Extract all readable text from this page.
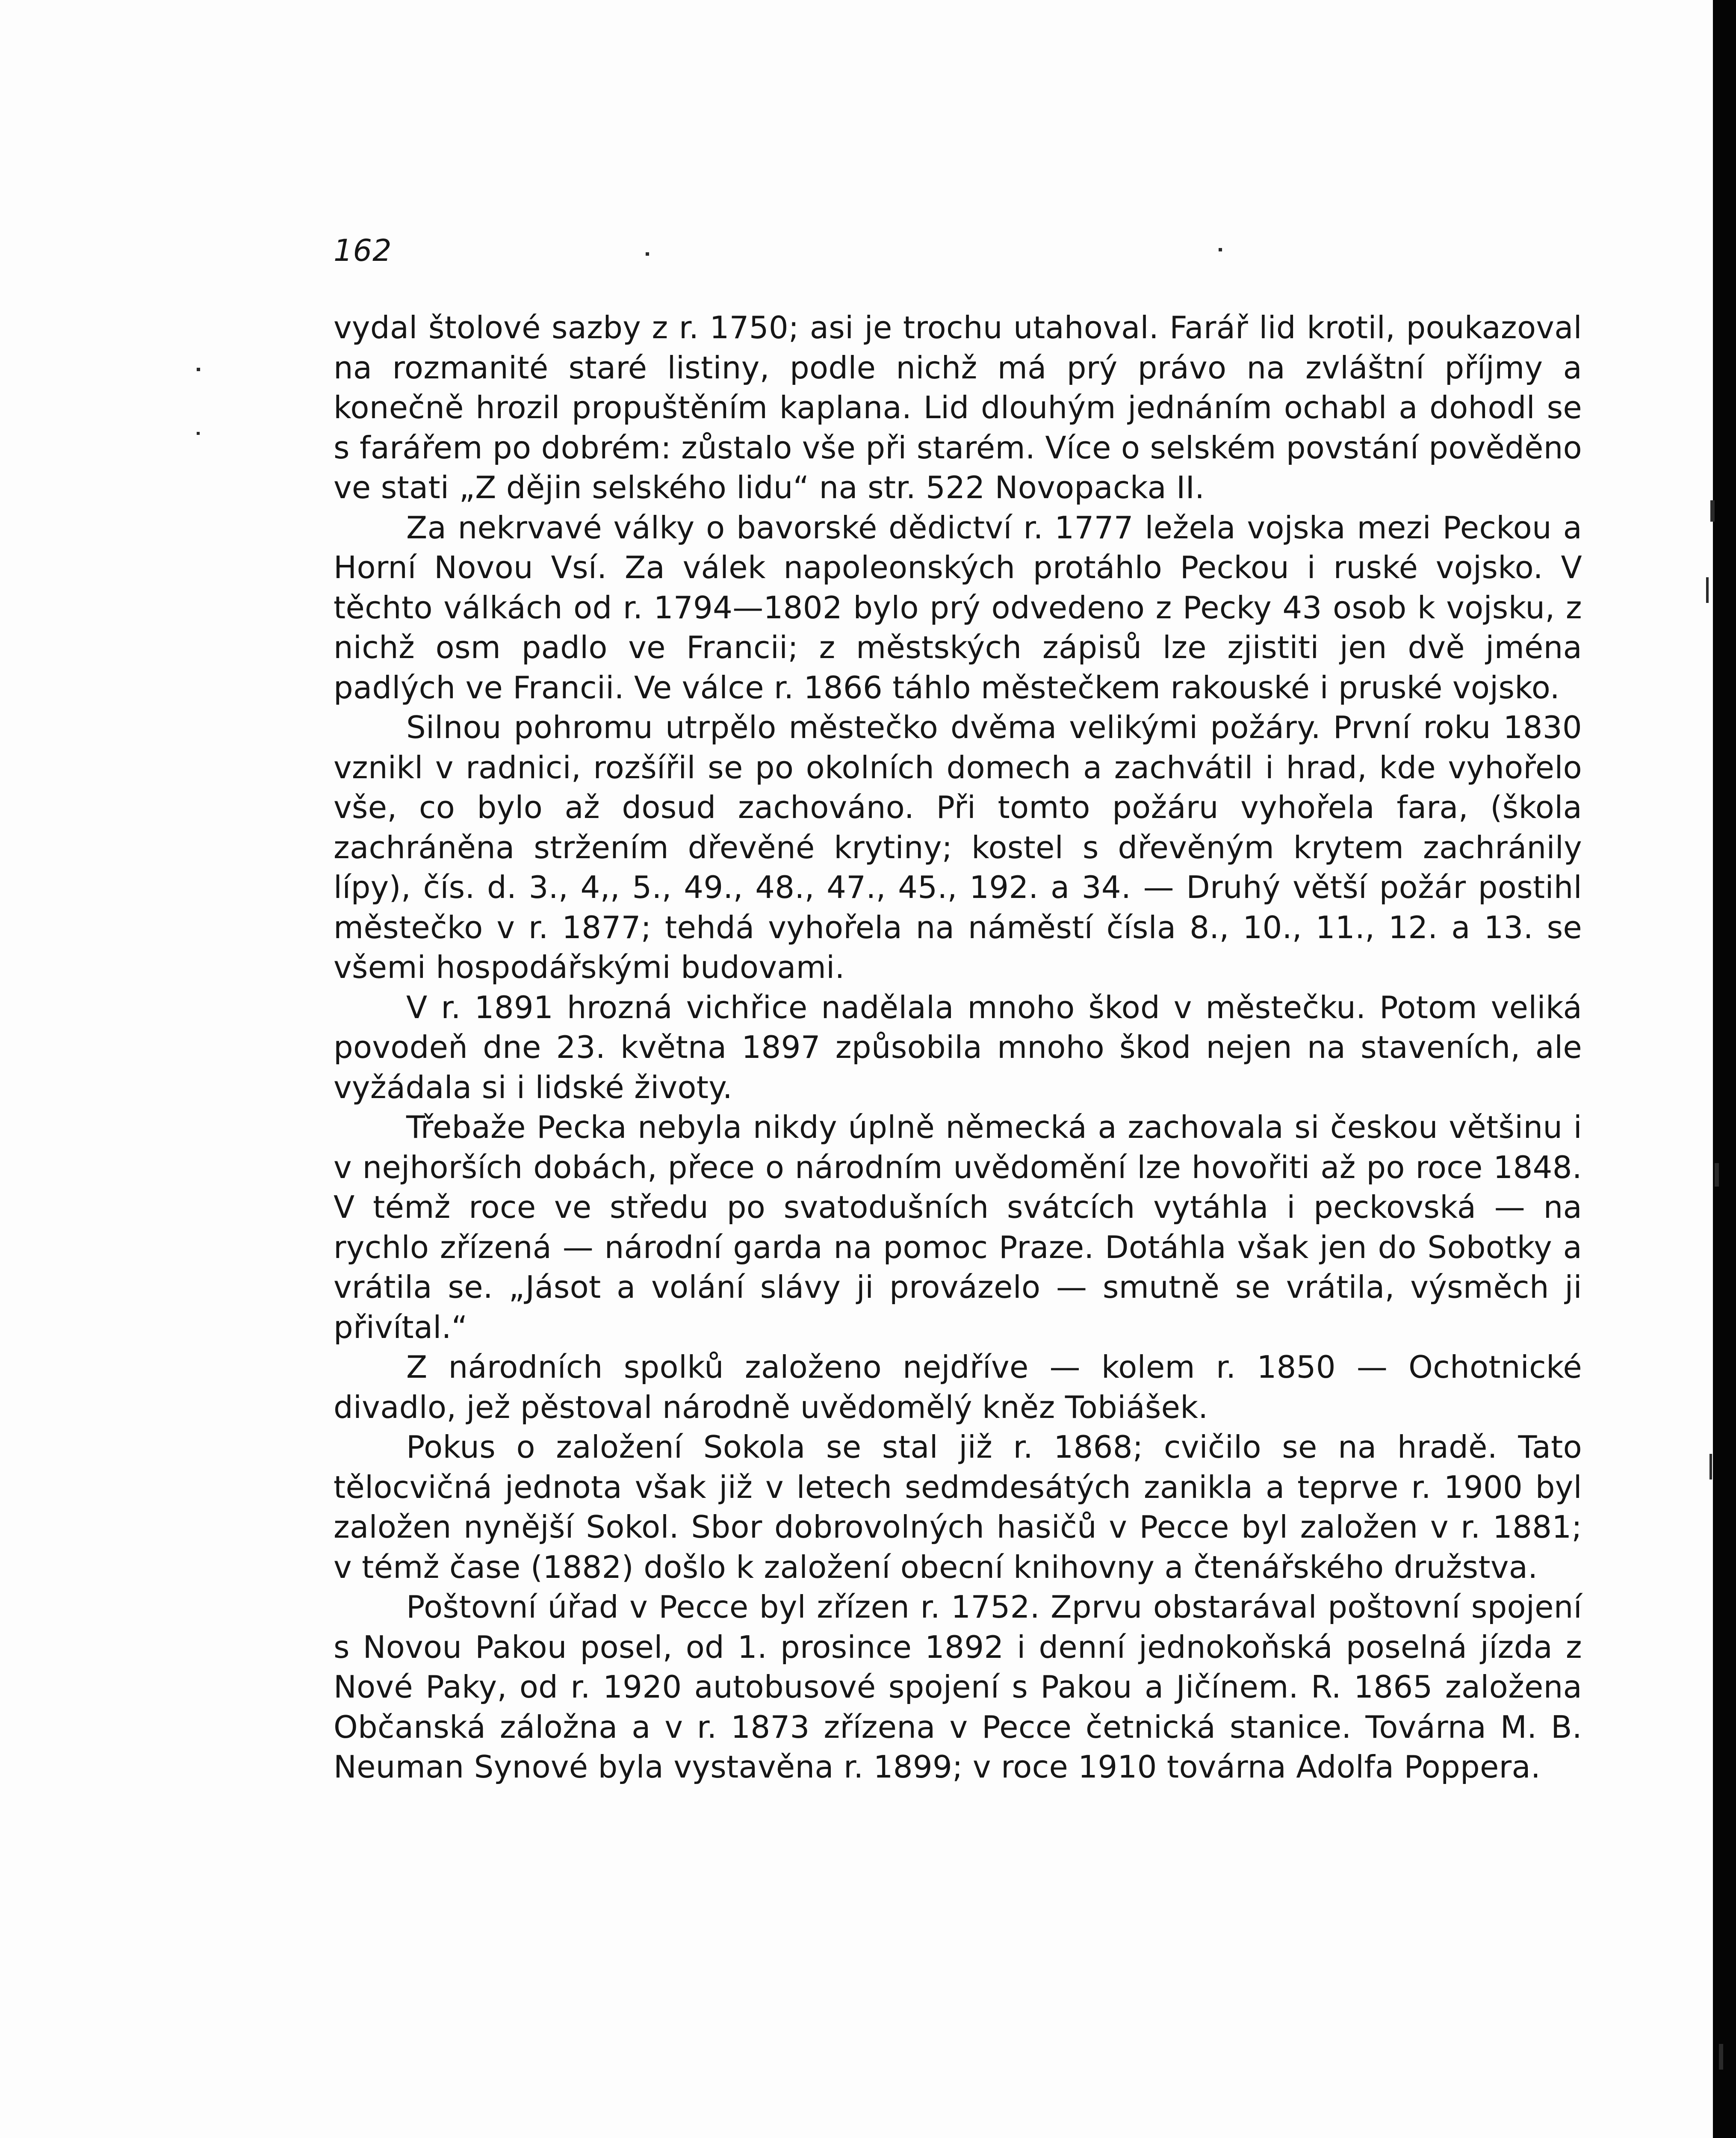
162

vydal štolové sazby z r. 1750; asi je trochu utahoval. Farář lid krotil, poukazoval na rozmanité staré listiny, podle nichž má prý právo na zvláštní příjmy a konečně hrozil propuštěním kaplana. Lid dlouhým jednáním ochabl a dohodl se s farářem po dobrém: zůstalo vše při starém. Více o selském povstání pověděno ve stati „Z dějin selského lidu“ na str. 522 Novopacka II.

Za nekrvavé války o bavorské dědictví r. 1777 ležela vojska mezi Peckou a Horní Novou Vsí. Za válek napoleonských protáhlo Peckou i ruské vojsko. V těchto válkách od r. 1794—1802 bylo prý odvedeno z Pecky 43 osob k vojsku, z nichž osm padlo ve Francii; z městských zápisů lze zjistiti jen dvě jména padlých ve Francii. Ve válce r. 1866 táhlo městečkem rakouské i pruské vojsko.

Silnou pohromu utrpělo městečko dvěma velikými požáry. První roku 1830 vznikl v radnici, rozšířil se po okolních domech a zachvátil i hrad, kde vyhořelo vše, co bylo až dosud zachováno. Při tomto požáru vyhořela fara, (škola zachráněna stržením dřevěné krytiny; kostel s dřevěným krytem zachránily lípy), čís. d. 3., 4,, 5., 49., 48., 47., 45., 192. a 34. — Druhý větší požár postihl městečko v r. 1877; tehdá vyhořela na náměstí čísla 8., 10., 11., 12. a 13. se všemi hospodářskými budovami.

V r. 1891 hrozná vichřice nadělala mnoho škod v městečku. Potom veliká povodeň dne 23. května 1897 způsobila mnoho škod nejen na staveních, ale vyžádala si i lidské životy.

Třebaže Pecka nebyla nikdy úplně německá a zachovala si českou většinu i v nejhorších dobách, přece o národním uvědomění lze hovořiti až po roce 1848. V témž roce ve středu po svatodušních svátcích vytáhla i peckovská — na rychlo zřízená — národní garda na pomoc Praze. Dotáhla však jen do Sobotky a vrátila se. „Jásot a volání slávy ji provázelo — smutně se vrátila, výsměch ji přivítal.“

Z národních spolků založeno nejdříve — kolem r. 1850 — Ochotnické divadlo, jež pěstoval národně uvědomělý kněz Tobiášek.

Pokus o založení Sokola se stal již r. 1868; cvičilo se na hradě. Tato tělocvičná jednota však již v letech sedmdesátých zanikla a teprve r. 1900 byl založen nynější Sokol. Sbor dobrovolných hasičů v Pecce byl založen v r. 1881; v témž čase (1882) došlo k založení obecní knihovny a čtenářského družstva.

Poštovní úřad v Pecce byl zřízen r. 1752. Zprvu obstarával poštovní spojení s Novou Pakou posel, od 1. prosince 1892 i denní jednokoňská poselná jízda z Nové Paky, od r. 1920 autobusové spojení s Pakou a Jičínem. R. 1865 založena Občanská záložna a v r. 1873 zřízena v Pecce četnická stanice. Továrna M. B. Neuman Synové byla vystavěna r. 1899; v roce 1910 továrna Adolfa Poppera.
